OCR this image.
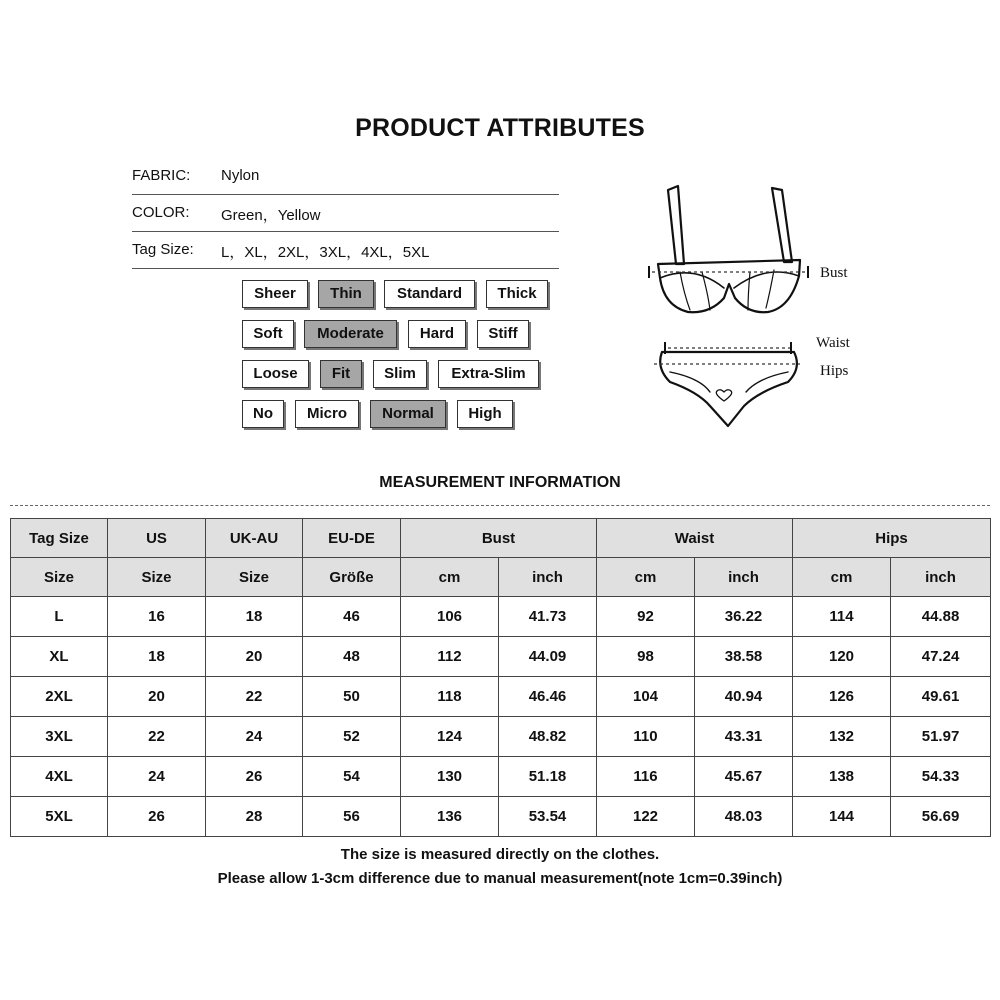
PRODUCT ATTRIBUTES
FABRIC: Nylon
COLOR: Green，Yellow
Tag Size: L，XL，2XL，3XL，4XL，5XL
Sheer	Thin	Standard	Thick
Soft	Moderate	Hard	Stiff
Loose	Fit	Slim	Extra-Slim
No	Micro	Normal	High
Bust
Waist
Hips
MEASUREMENT INFORMATION
Tag Size	US	UK-AU	EU-DE	Bust		Waist		Hips	
Size	Size	Size	Größe	cm	inch	cm	inch	cm	inch
L	16	18	46	106	41.73	92	36.22	114	44.88
XL	18	20	48	112	44.09	98	38.58	120	47.24
2XL	20	22	50	118	46.46	104	40.94	126	49.61
3XL	22	24	52	124	48.82	110	43.31	132	51.97
4XL	24	26	54	130	51.18	116	45.67	138	54.33
5XL	26	28	56	136	53.54	122	48.03	144	56.69
The size is measured directly on the clothes.
Please allow 1-3cm difference due to manual measurement(note 1cm=0.39inch)
